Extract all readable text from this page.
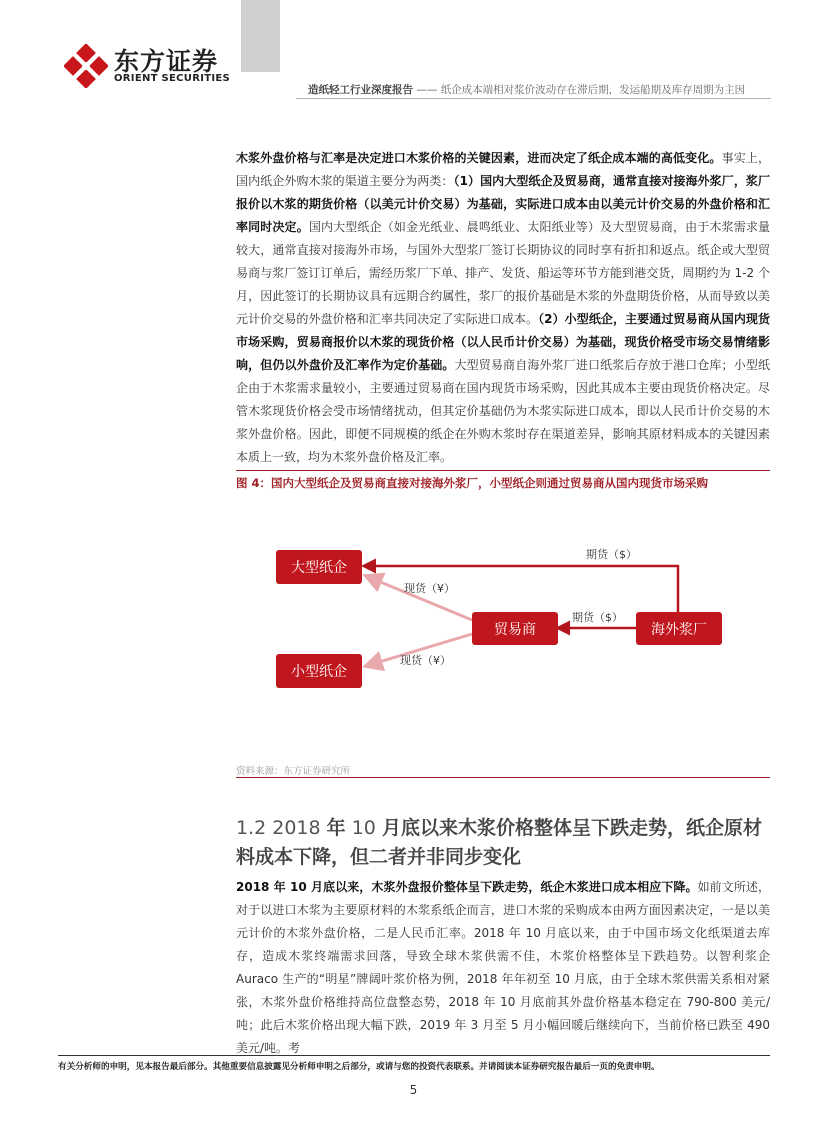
东方证券
ORIENT SECURITIES
造纸轻工行业深度报告 —— 纸企成本端相对浆价波动存在滞后期，发运船期及库存周期为主因
木浆外盘价格与汇率是决定进口木浆价格的关键因素，进而决定了纸企成本端的高低变化。事实上，国内纸企外购木浆的渠道主要分为两类：（1）国内大型纸企及贸易商，通常直接对接海外浆厂，浆厂报价以木浆的期货价格（以美元计价交易）为基础，实际进口成本由以美元计价交易的外盘价格和汇率同时决定。国内大型纸企（如金光纸业、晨鸣纸业、太阳纸业等）及大型贸易商，由于木浆需求量较大，通常直接对接海外市场，与国外大型浆厂签订长期协议的同时享有折扣和返点。纸企或大型贸易商与浆厂签订订单后，需经历浆厂下单、排产、发货、船运等环节方能到港交货，周期约为 1-2 个月，因此签订的长期协议具有远期合约属性，浆厂的报价基础是木浆的外盘期货价格，从而导致以美元计价交易的外盘价格和汇率共同决定了实际进口成本。（2）小型纸企，主要通过贸易商从国内现货市场采购，贸易商报价以木浆的现货价格（以人民币计价交易）为基础，现货价格受市场交易情绪影响，但仍以外盘价及汇率作为定价基础。大型贸易商自海外浆厂进口纸浆后存放于港口仓库；小型纸企由于木浆需求量较小，主要通过贸易商在国内现货市场采购，因此其成本主要由现货价格决定。尽管木浆现货价格会受市场情绪扰动，但其定价基础仍为木浆实际进口成本，即以人民币计价交易的木浆外盘价格。因此，即便不同规模的纸企在外购木浆时存在渠道差异，影响其原材料成本的关键因素本质上一致，均为木浆外盘价格及汇率。
图 4：国内大型纸企及贸易商直接对接海外浆厂，小型纸企则通过贸易商从国内现货市场采购
大型纸企
贸易商	海外浆厂
小型纸企
期货（$）
期货（$）
现货（¥）
现货（¥）
资料来源：东方证券研究所
1.2 2018 年 10 月底以来木浆价格整体呈下跌走势，纸企原材料成本下降，但二者并非同步变化
2018 年 10 月底以来，木浆外盘报价整体呈下跌走势，纸企木浆进口成本相应下降。如前文所述，对于以进口木浆为主要原材料的木浆系纸企而言，进口木浆的采购成本由两方面因素决定，一是以美元计价的木浆外盘价格，二是人民币汇率。2018 年 10 月底以来，由于中国市场文化纸渠道去库存，造成木浆终端需求回落，导致全球木浆供需不佳，木浆价格整体呈下跌趋势。以智利浆企 Auraco 生产的“明星”牌阔叶浆价格为例，2018 年年初至 10 月底，由于全球木浆供需关系相对紧张，木浆外盘价格维持高位盘整态势，2018 年 10 月底前其外盘价格基本稳定在 790-800 美元/吨；此后木浆价格出现大幅下跌，2019 年 3 月至 5 月小幅回暖后继续向下，当前价格已跌至 490 美元/吨。考
有关分析师的申明，见本报告最后部分。其他重要信息披露见分析师申明之后部分，或请与您的投资代表联系。并请阅读本证券研究报告最后一页的免责申明。
5
